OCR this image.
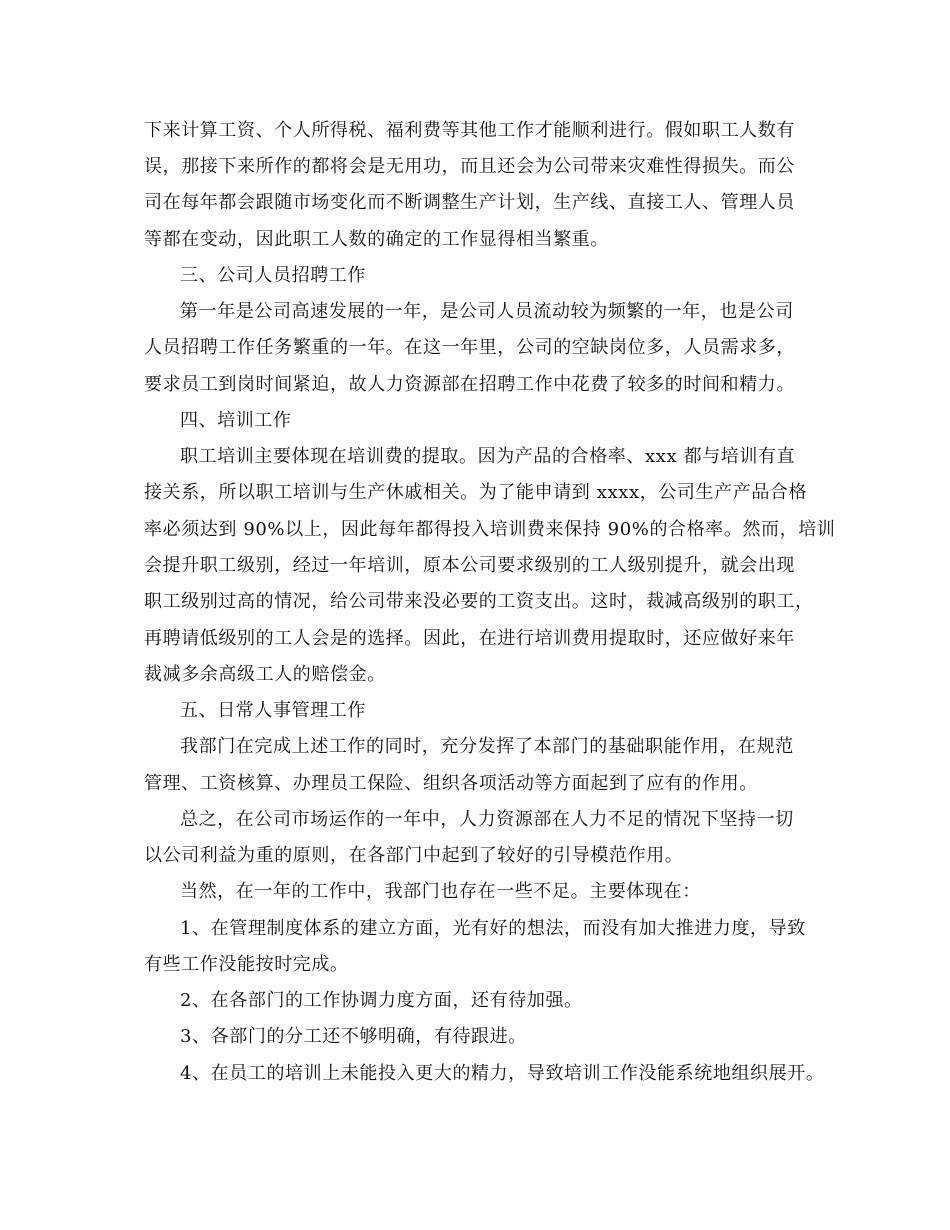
下来计算工资、个人所得税、福利费等其他工作才能顺利进行。假如职工人数有
误，那接下来所作的都将会是无用功，而且还会为公司带来灾难性得损失。而公
司在每年都会跟随市场变化而不断调整生产计划，生产线、直接工人、管理人员
等都在变动，因此职工人数的确定的工作显得相当繁重。
三、公司人员招聘工作
第一年是公司高速发展的一年，是公司人员流动较为频繁的一年，也是公司
人员招聘工作任务繁重的一年。在这一年里，公司的空缺岗位多，人员需求多，
要求员工到岗时间紧迫，故人力资源部在招聘工作中花费了较多的时间和精力。
四、培训工作
职工培训主要体现在培训费的提取。因为产品的合格率、xxx 都与培训有直
接关系，所以职工培训与生产休戚相关。为了能申请到 xxxx，公司生产产品合格
率必须达到 90%以上，因此每年都得投入培训费来保持 90%的合格率。然而，培训
会提升职工级别，经过一年培训，原本公司要求级别的工人级别提升，就会出现
职工级别过高的情况，给公司带来没必要的工资支出。这时，裁减高级别的职工，
再聘请低级别的工人会是的选择。因此，在进行培训费用提取时，还应做好来年
裁减多余高级工人的赔偿金。
五、日常人事管理工作
我部门在完成上述工作的同时，充分发挥了本部门的基础职能作用，在规范
管理、工资核算、办理员工保险、组织各项活动等方面起到了应有的作用。
总之，在公司市场运作的一年中，人力资源部在人力不足的情况下坚持一切
以公司利益为重的原则，在各部门中起到了较好的引导模范作用。
当然，在一年的工作中，我部门也存在一些不足。主要体现在：
1、在管理制度体系的建立方面，光有好的想法，而没有加大推进力度，导致
有些工作没能按时完成。
2、在各部门的工作协调力度方面，还有待加强。
3、各部门的分工还不够明确，有待跟进。
4、在员工的培训上未能投入更大的精力，导致培训工作没能系统地组织展开。
